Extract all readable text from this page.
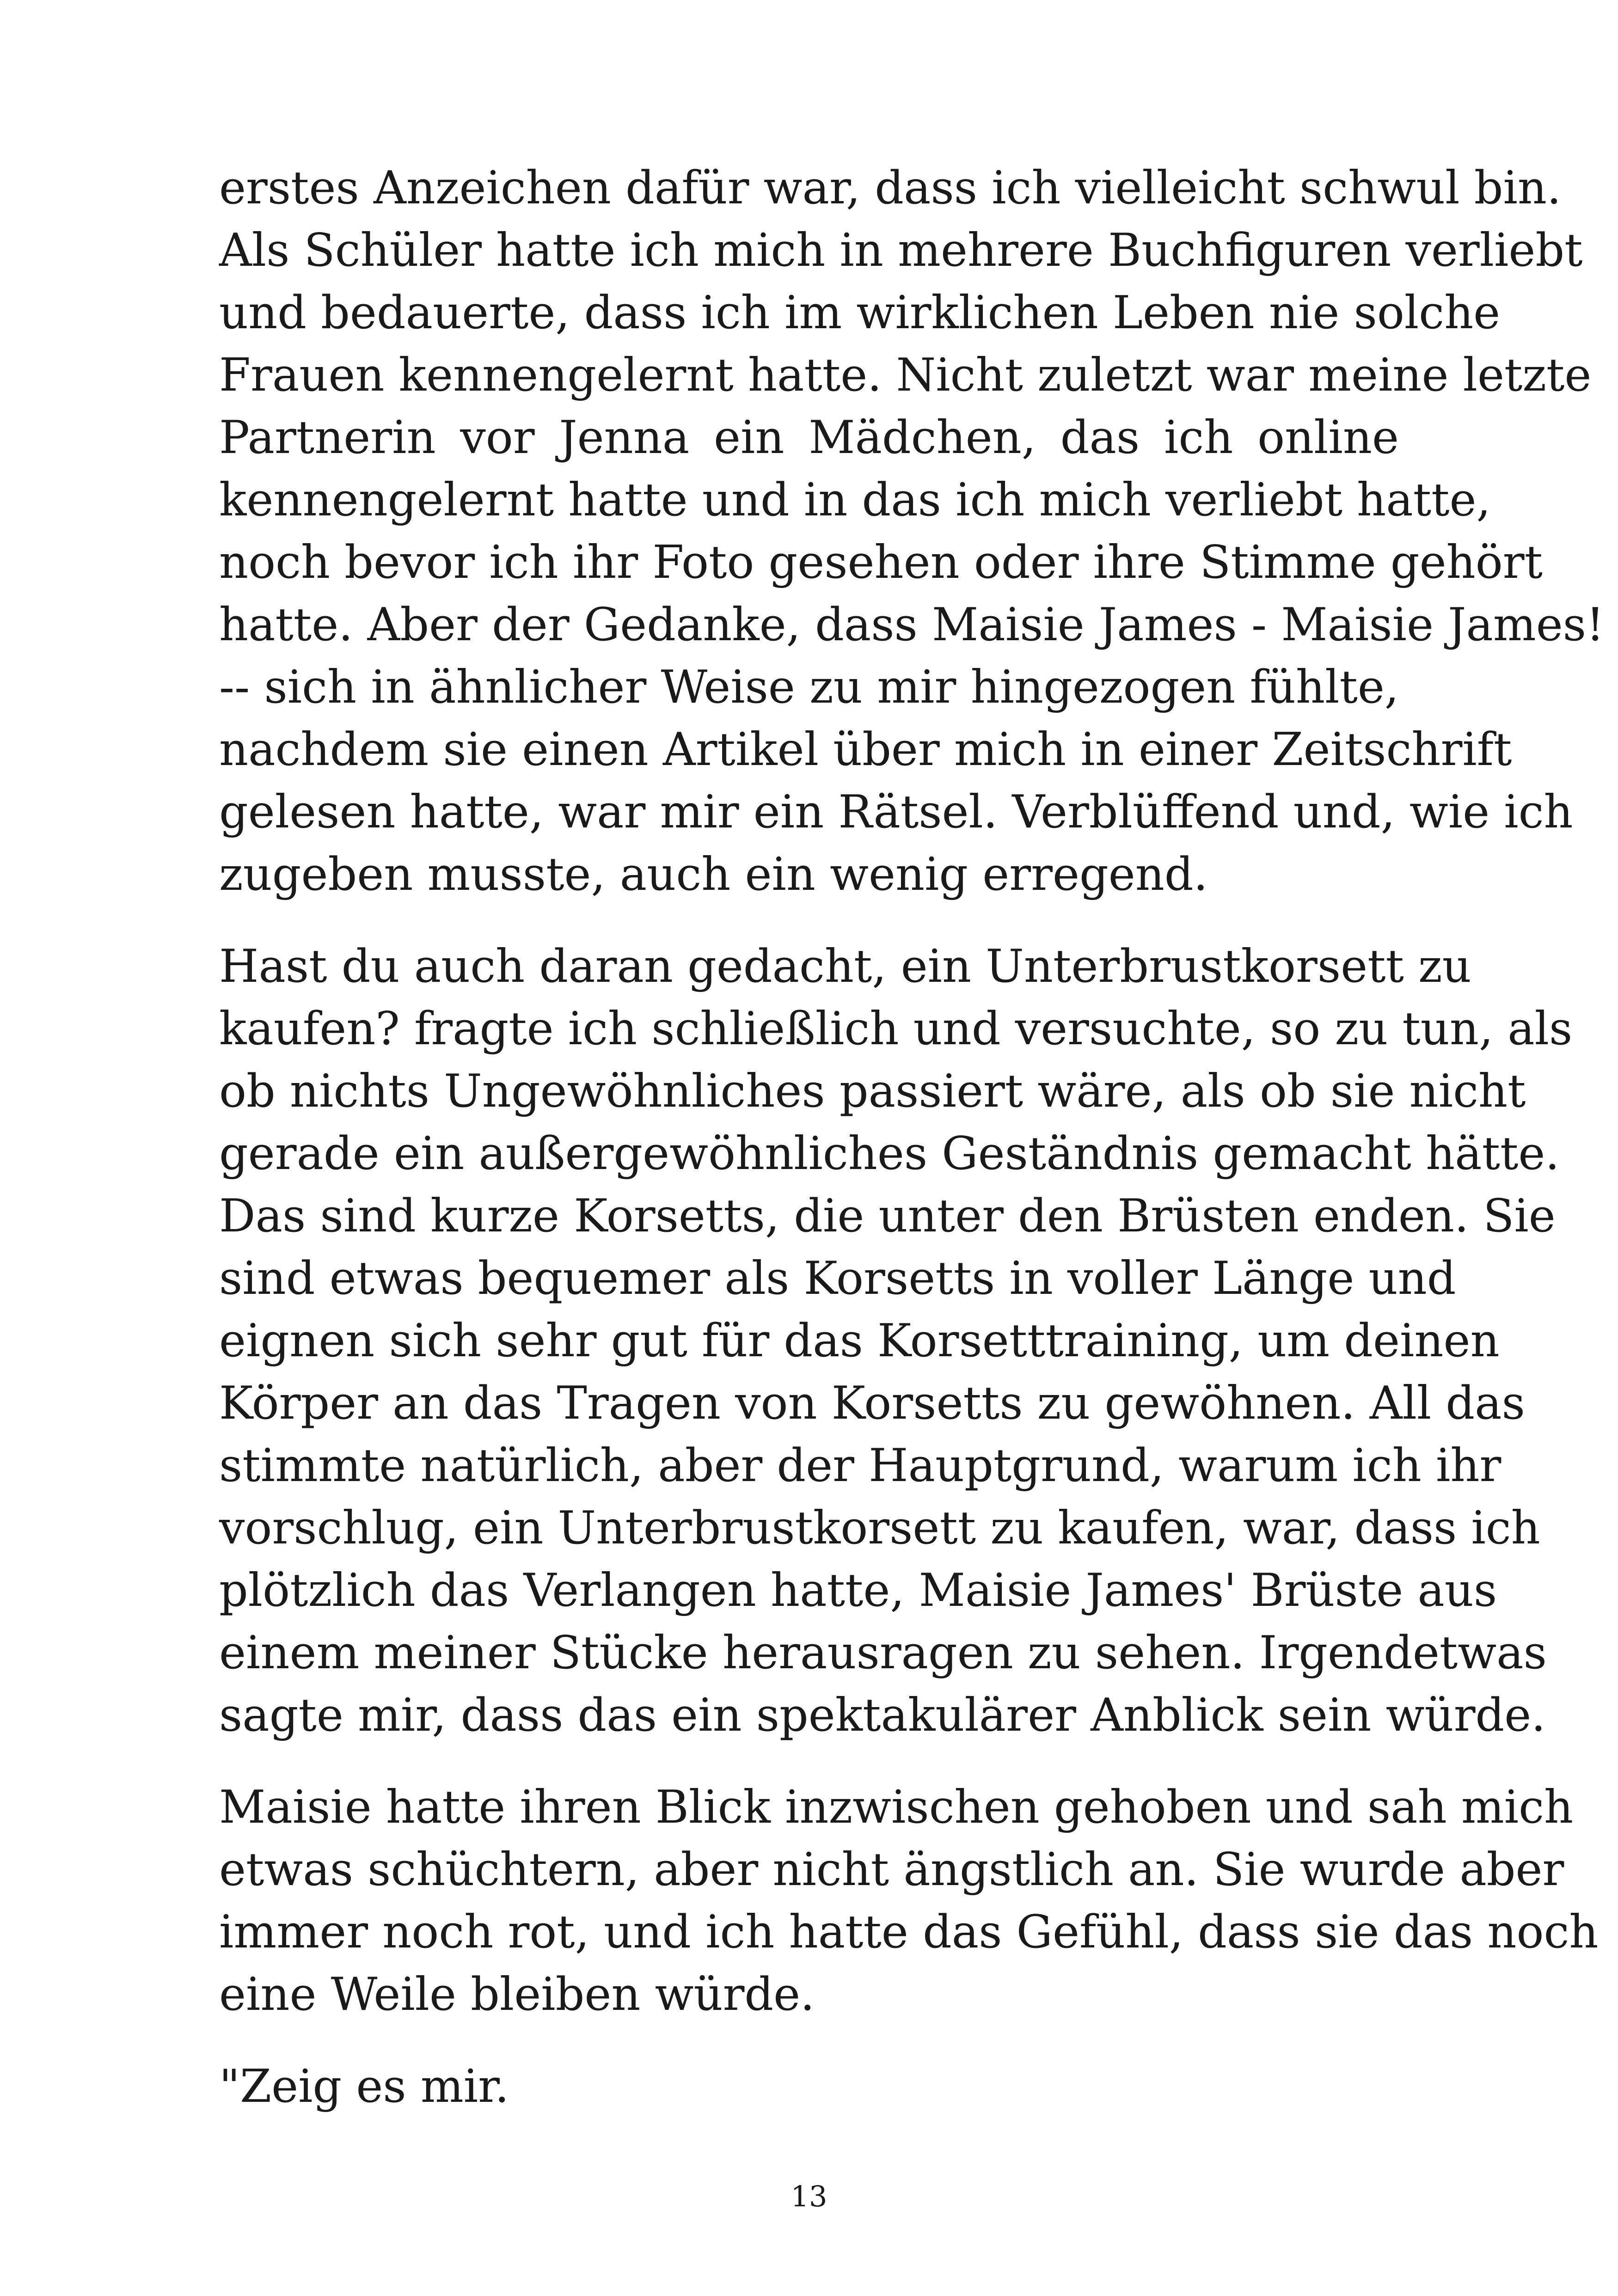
erstes Anzeichen dafür war, dass ich vielleicht schwul bin.
Als Schüler hatte ich mich in mehrere Buchfiguren verliebt
und bedauerte, dass ich im wirklichen Leben nie solche
Frauen kennengelernt hatte. Nicht zuletzt war meine letzte
Partnerin vor Jenna ein Mädchen, das ich online
kennengelernt hatte und in das ich mich verliebt hatte,
noch bevor ich ihr Foto gesehen oder ihre Stimme gehört
hatte. Aber der Gedanke, dass Maisie James - Maisie James!
-- sich in ähnlicher Weise zu mir hingezogen fühlte,
nachdem sie einen Artikel über mich in einer Zeitschrift
gelesen hatte, war mir ein Rätsel. Verblüffend und, wie ich
zugeben musste, auch ein wenig erregend.
Hast du auch daran gedacht, ein Unterbrustkorsett zu
kaufen? fragte ich schließlich und versuchte, so zu tun, als
ob nichts Ungewöhnliches passiert wäre, als ob sie nicht
gerade ein außergewöhnliches Geständnis gemacht hätte.
Das sind kurze Korsetts, die unter den Brüsten enden. Sie
sind etwas bequemer als Korsetts in voller Länge und
eignen sich sehr gut für das Korsetttraining, um deinen
Körper an das Tragen von Korsetts zu gewöhnen. All das
stimmte natürlich, aber der Hauptgrund, warum ich ihr
vorschlug, ein Unterbrustkorsett zu kaufen, war, dass ich
plötzlich das Verlangen hatte, Maisie James' Brüste aus
einem meiner Stücke herausragen zu sehen. Irgendetwas
sagte mir, dass das ein spektakulärer Anblick sein würde.
Maisie hatte ihren Blick inzwischen gehoben und sah mich
etwas schüchtern, aber nicht ängstlich an. Sie wurde aber
immer noch rot, und ich hatte das Gefühl, dass sie das noch
eine Weile bleiben würde.
"Zeig es mir.
13
